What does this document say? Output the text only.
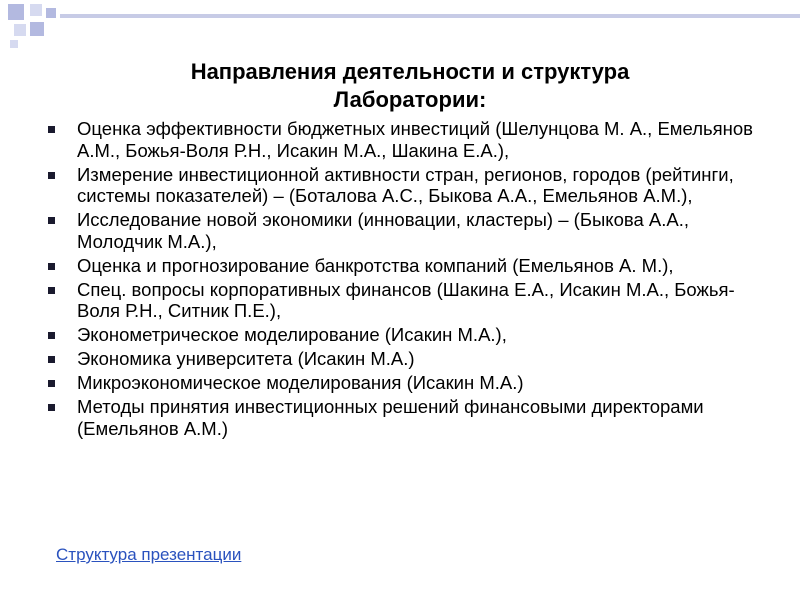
Направления деятельности и структура
Лаборатории:
Оценка эффективности бюджетных инвестиций (Шелунцова М. А., Емельянов А.М., Божья-Воля Р.Н., Исакин М.А., Шакина Е.А.),
Измерение инвестиционной активности стран, регионов, городов (рейтинги, системы показателей) – (Боталова А.С., Быкова А.А., Емельянов А.М.),
Исследование новой экономики (инновации, кластеры) – (Быкова А.А., Молодчик М.А.),
Оценка и прогнозирование банкротства компаний (Емельянов А. М.),
Спец. вопросы корпоративных финансов (Шакина Е.А., Исакин М.А., Божья-Воля Р.Н., Ситник П.Е.),
Эконометрическое моделирование (Исакин М.А.),
Экономика университета (Исакин М.А.)
Микроэкономическое моделирования (Исакин М.А.)
Методы принятия инвестиционных решений финансовыми директорами (Емельянов А.М.)
Структура презентации
